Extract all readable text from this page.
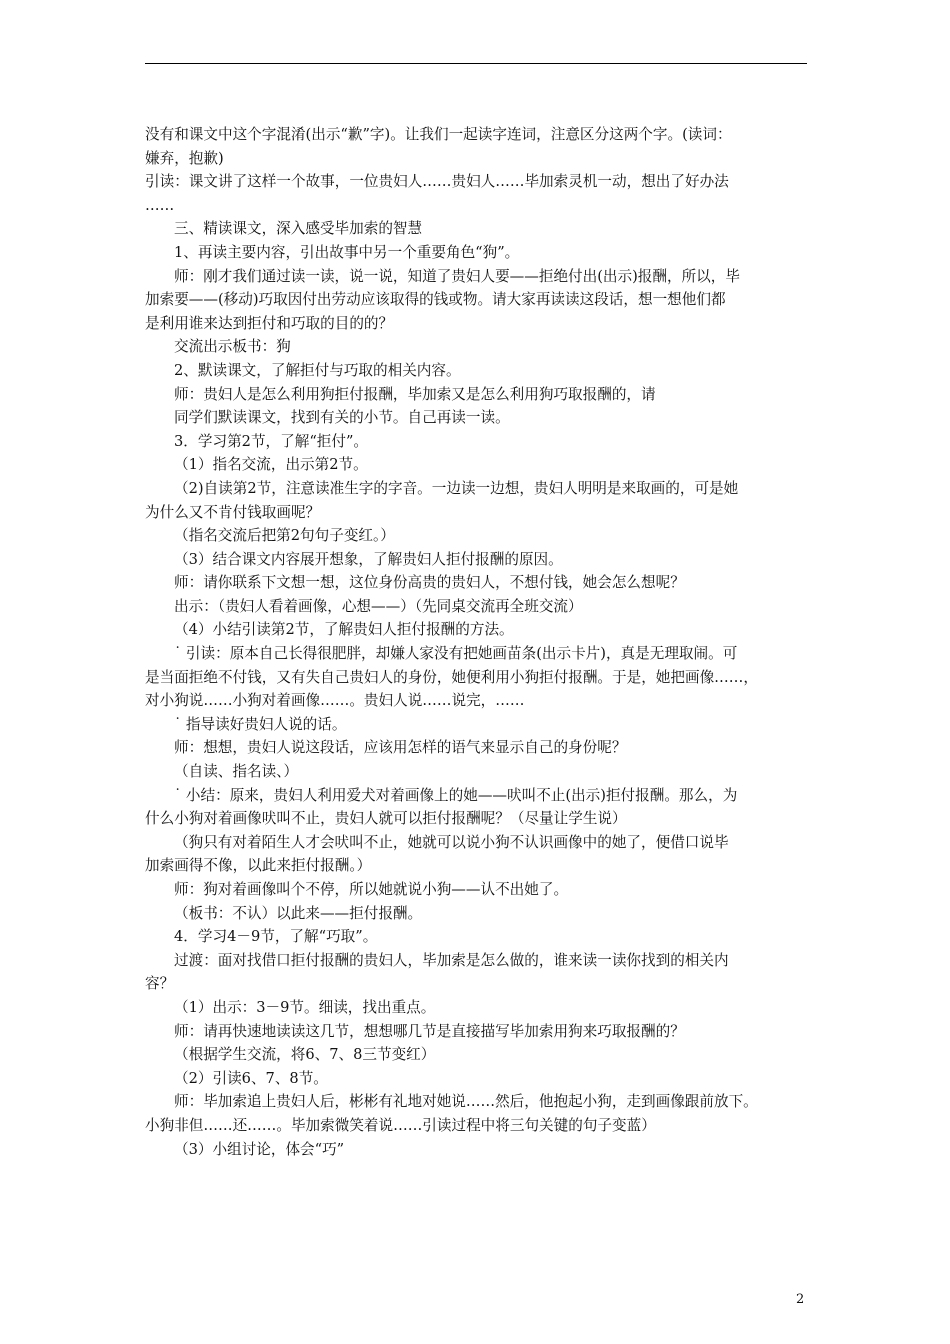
没有和课文中这个字混淆(出示“歉”字)。让我们一起读字连词，注意区分这两个字。(读词：

嫌弃，抱歉)

引读：课文讲了这样一个故事，一位贵妇人……贵妇人……毕加索灵机一动，想出了好办法

……

三、精读课文，深入感受毕加索的智慧

1、再读主要内容，引出故事中另一个重要角色“狗”。

师：刚才我们通过读一读，说一说，知道了贵妇人要——拒绝付出(出示)报酬，所以，毕

加索要——(移动)巧取因付出劳动应该取得的钱或物。请大家再读读这段话，想一想他们都

是利用谁来达到拒付和巧取的目的的？

交流出示板书：狗

2、默读课文，了解拒付与巧取的相关内容。

师：贵妇人是怎么利用狗拒付报酬，毕加索又是怎么利用狗巧取报酬的，请

同学们默读课文，找到有关的小节。自己再读一读。

3．学习第2节，了解“拒付”。

（1）指名交流，出示第2节。

（2)自读第2节，注意读准生字的字音。一边读一边想，贵妇人明明是来取画的，可是她

为什么又不肯付钱取画呢？

（指名交流后把第2句句子变红。）

（3）结合课文内容展开想象，了解贵妇人拒付报酬的原因。

师：请你联系下文想一想，这位身份高贵的贵妇人，不想付钱，她会怎么想呢？

出示：（贵妇人看着画像，心想——）（先同桌交流再全班交流）

（4）小结引读第2节，了解贵妇人拒付报酬的方法。

˙ 引读：原本自己长得很肥胖，却嫌人家没有把她画苗条(出示卡片)，真是无理取闹。可

是当面拒绝不付钱，又有失自己贵妇人的身份，她便利用小狗拒付报酬。于是，她把画像……，

对小狗说……小狗对着画像……。贵妇人说……说完，……

˙ 指导读好贵妇人说的话。

师：想想，贵妇人说这段话，应该用怎样的语气来显示自己的身份呢？

（自读、指名读、）

˙ 小结：原来，贵妇人利用爱犬对着画像上的她——吠叫不止(出示)拒付报酬。那么，为

什么小狗对着画像吠叫不止，贵妇人就可以拒付报酬呢？（尽量让学生说）

（狗只有对着陌生人才会吠叫不止，她就可以说小狗不认识画像中的她了，便借口说毕

加索画得不像，以此来拒付报酬。）

师：狗对着画像叫个不停，所以她就说小狗——认不出她了。

（板书：不认）以此来——拒付报酬。

4．学习4－9节，了解“巧取”。

过渡：面对找借口拒付报酬的贵妇人，毕加索是怎么做的，谁来读一读你找到的相关内

容？

（1）出示：3－9节。细读，找出重点。

师：请再快速地读读这几节，想想哪几节是直接描写毕加索用狗来巧取报酬的？

（根据学生交流，将6、7、8三节变红）

（2）引读6、7、8节。

师：毕加索追上贵妇人后，彬彬有礼地对她说……然后，他抱起小狗，走到画像跟前放下。

小狗非但……还……。毕加索微笑着说……引读过程中将三句关键的句子变蓝）

（3）小组讨论，体会“巧”

2
